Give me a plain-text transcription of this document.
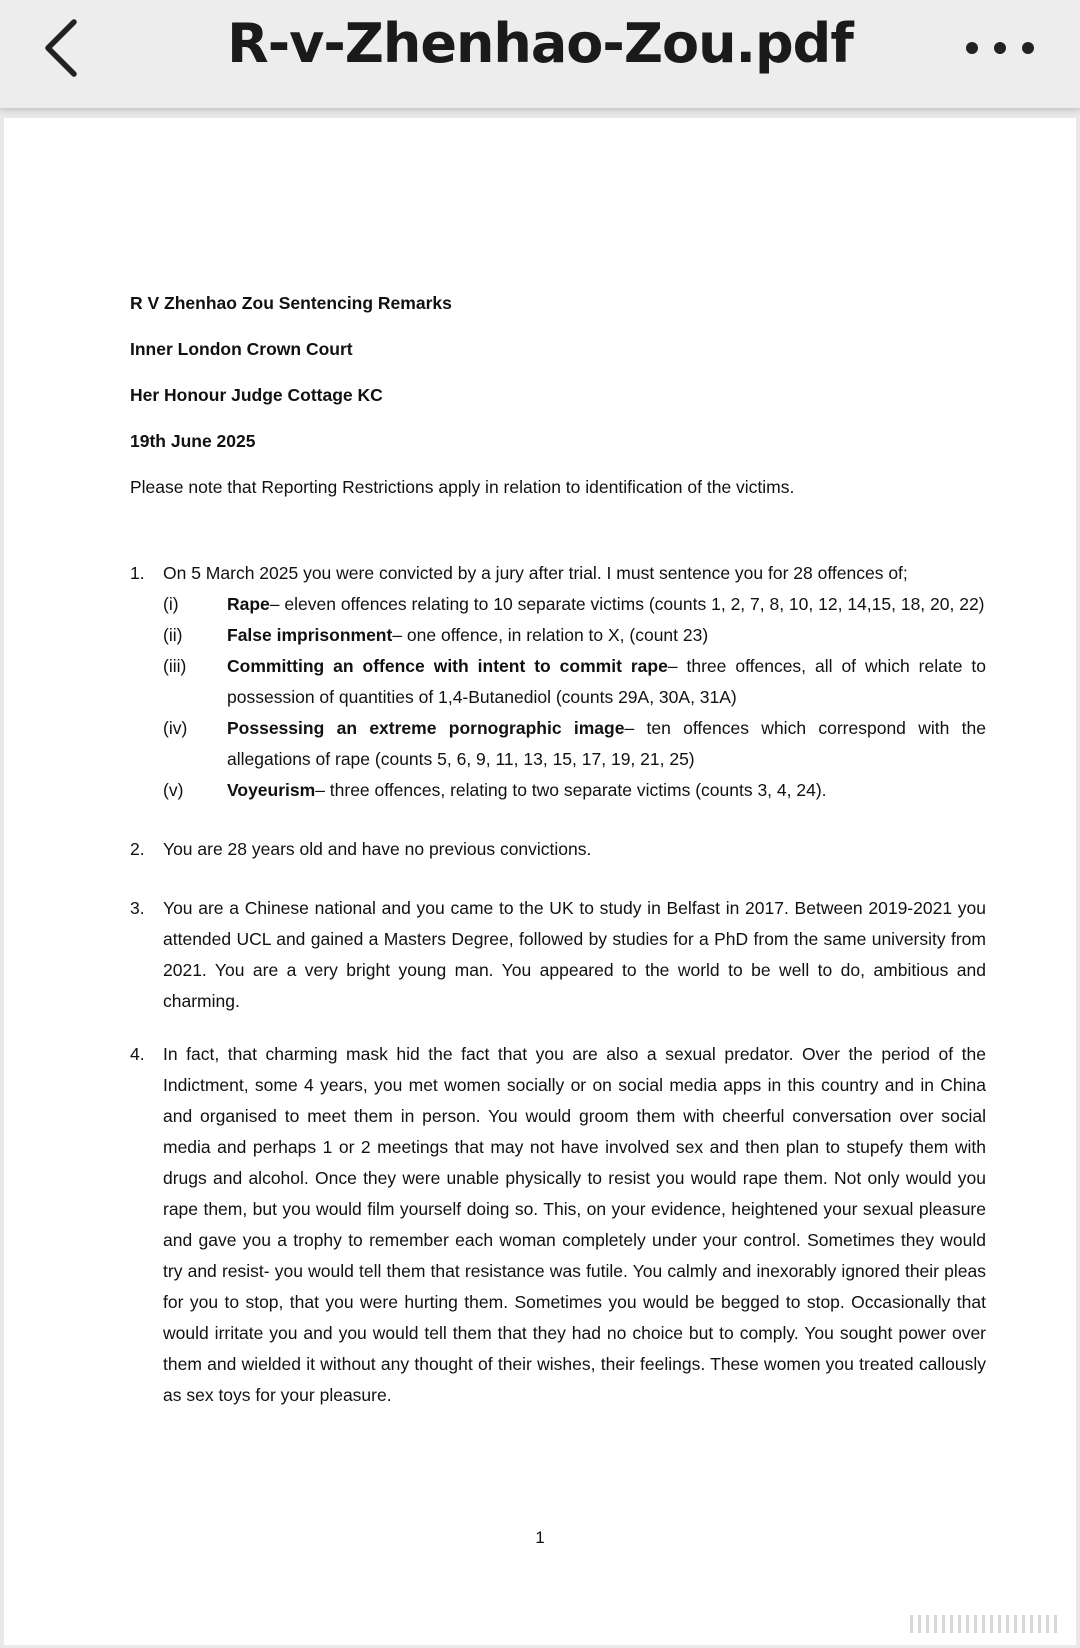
R-v-Zhenhao-Zou.pdf
R V Zhenhao Zou Sentencing Remarks
Inner London Crown Court
Her Honour Judge Cottage KC
19th June 2025
Please note that Reporting Restrictions apply in relation to identification of the victims.
1. On 5 March 2025 you were convicted by a jury after trial. I must sentence you for 28 offences of;
(i)	Rape– eleven offences relating to 10 separate victims (counts 1, 2, 7, 8, 10, 12, 14,15, 18, 20, 22)
(ii)	False imprisonment– one offence, in relation to X, (count 23)
(iii) Committing an offence with intent to commit rape– three offences, all of which relate to possession of quantities of 1,4-Butanediol (counts 29A, 30A, 31A)
(iv) Possessing an extreme pornographic image– ten offences which correspond with the allegations of rape (counts 5, 6, 9, 11, 13, 15, 17, 19, 21, 25)
(v) Voyeurism– three offences, relating to two separate victims (counts 3, 4, 24).
2. You are 28 years old and have no previous convictions.
3. You are a Chinese national and you came to the UK to study in Belfast in 2017. Between 2019-2021 you attended UCL and gained a Masters Degree, followed by studies for a PhD from the same university from 2021. You are a very bright young man. You appeared to the world to be well to do, ambitious and charming.
4. In fact, that charming mask hid the fact that you are also a sexual predator. Over the period of the Indictment, some 4 years, you met women socially or on social media apps in this country and in China and organised to meet them in person. You would groom them with cheerful conversation over social media and perhaps 1 or 2 meetings that may not have involved sex and then plan to stupefy them with drugs and alcohol. Once they were unable physically to resist you would rape them. Not only would you rape them, but you would film yourself doing so. This, on your evidence, heightened your sexual pleasure and gave you a trophy to remember each woman completely under your control. Sometimes they would try and resist- you would tell them that resistance was futile. You calmly and inexorably ignored their pleas for you to stop, that you were hurting them. Sometimes you would be begged to stop. Occasionally that would irritate you and you would tell them that they had no choice but to comply. You sought power over them and wielded it without any thought of their wishes, their feelings. These women you treated callously as sex toys for your pleasure.
1
